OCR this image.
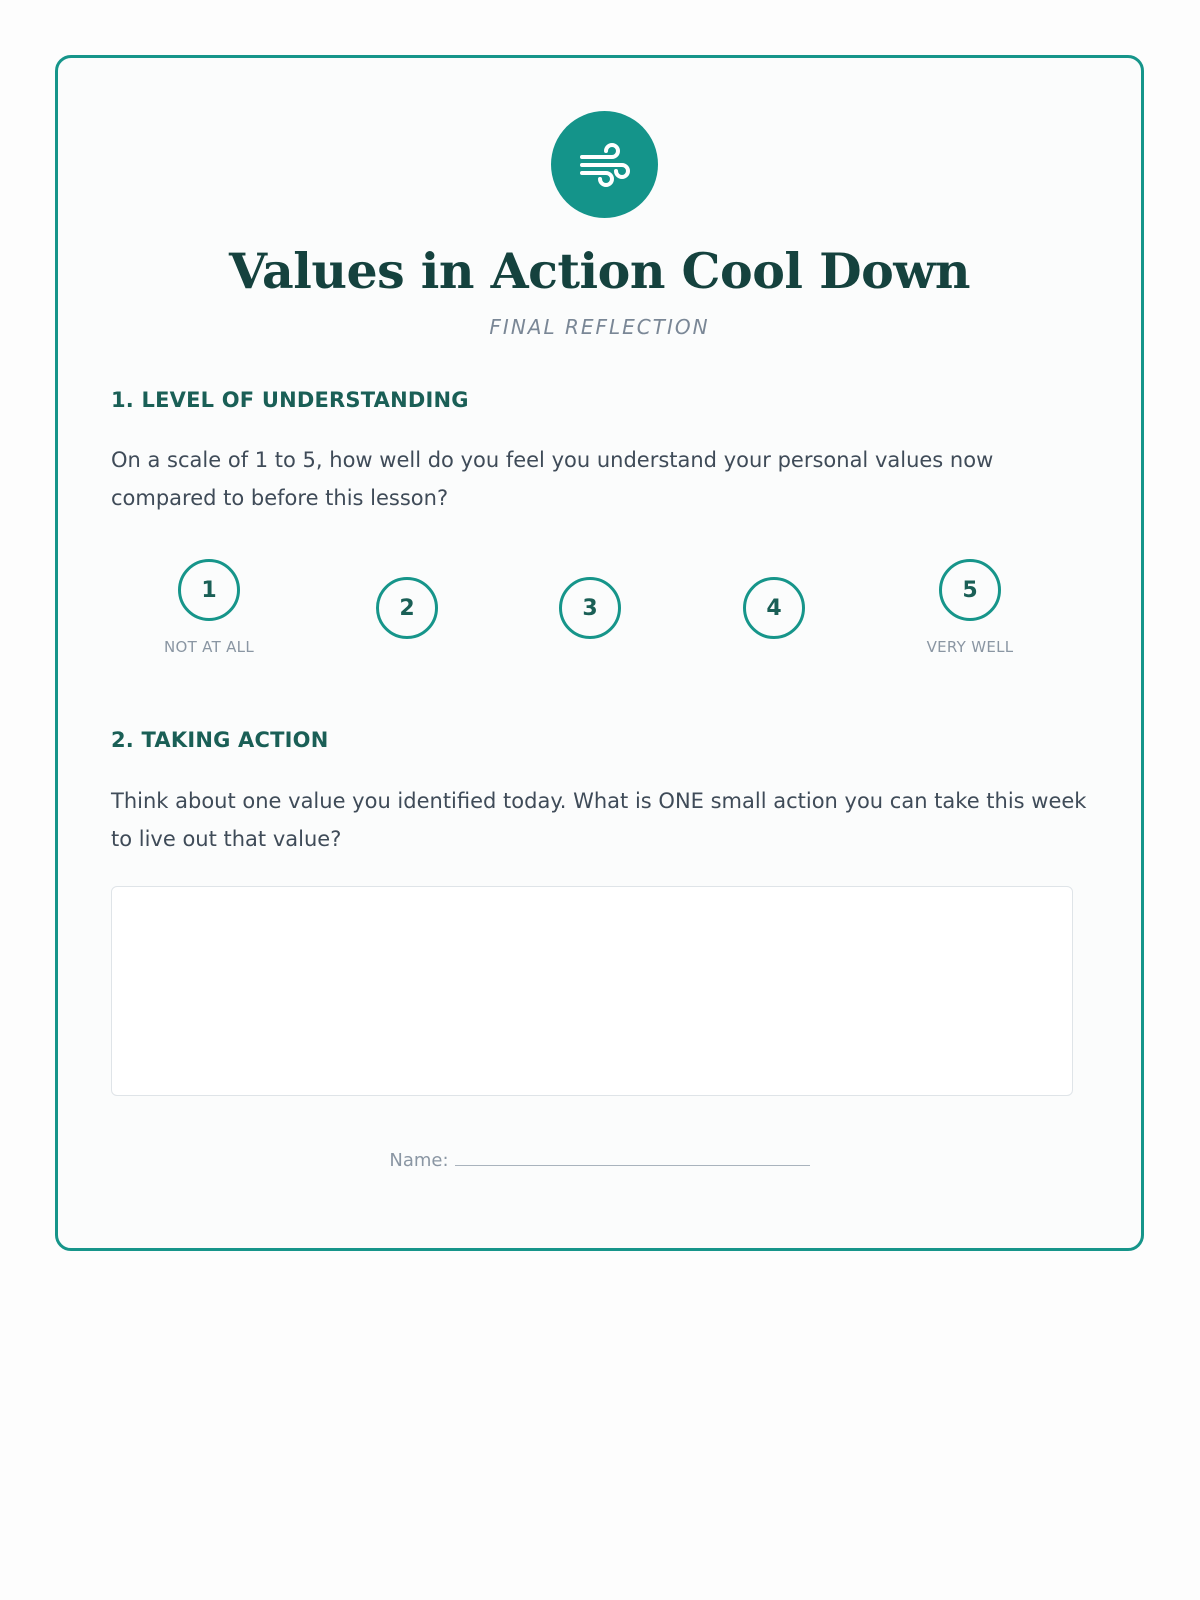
Values in Action Cool Down
FINAL REFLECTION
1. LEVEL OF UNDERSTANDING
On a scale of 1 to 5, how well do you feel you understand your personal values now compared to before this lesson?
1
NOT AT ALL
2	3	4
5
VERY WELL
2. TAKING ACTION
Think about one value you identified today. What is ONE small action you can take this week to live out that value?
Name:
